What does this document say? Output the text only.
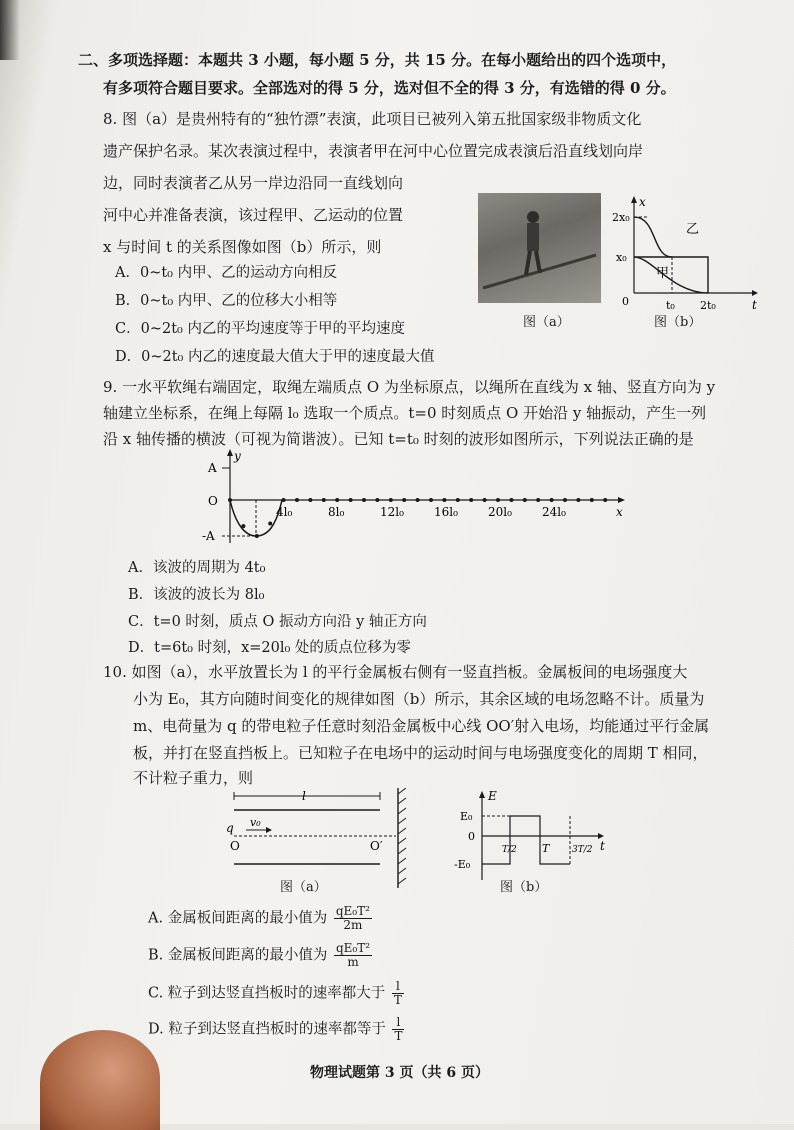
二、多项选择题：本题共 3 小题，每小题 5 分，共 15 分。在每小题给出的四个选项中，
有多项符合题目要求。全部选对的得 5 分，选对但不全的得 3 分，有选错的得 0 分。
8. 图（a）是贵州特有的“独竹漂”表演，此项目已被列入第五批国家级非物质文化
遗产保护名录。某次表演过程中，表演者甲在河中心位置完成表演后沿直线划向岸
边，同时表演者乙从另一岸边沿同一直线划向
河中心并准备表演，该过程甲、乙运动的位置
x 与时间 t 的关系图像如图（b）所示，则
A．0~t₀ 内甲、乙的运动方向相反
B．0~t₀ 内甲、乙的位移大小相等
C．0~2t₀ 内乙的平均速度等于甲的平均速度
D．0~2t₀ 内乙的速度最大值大于甲的速度最大值
图（a）
x
t
2x₀
x₀
0	t₀ 2t₀
乙
甲
图（b）
9. 一水平软绳右端固定，取绳左端质点 O 为坐标原点，以绳所在直线为 x 轴、竖直方向为 y
轴建立坐标系，在绳上每隔 l₀ 选取一个质点。t=0 时刻质点 O 开始沿 y 轴振动，产生一列
沿 x 轴传播的横波（可视为简谐波）。已知 t=t₀ 时刻的波形如图所示，下列说法正确的是
y
A
O
-A
x
4l₀	8l₀	12l₀	16l₀	20l₀	24l₀
A．该波的周期为 4t₀
B．该波的波长为 8l₀
C．t=0 时刻，质点 O 振动方向沿 y 轴正方向
D．t=6t₀ 时刻，x=20l₀ 处的质点位移为零
10. 如图（a），水平放置长为 l 的平行金属板右侧有一竖直挡板。金属板间的电场强度大
小为 E₀，其方向随时间变化的规律如图（b）所示，其余区域的电场忽略不计。质量为
m、电荷量为 q 的带电粒子任意时刻沿金属板中心线 OO′射入电场，均能通过平行金属
板，并打在竖直挡板上。已知粒子在电场中的运动时间与电场强度变化的周期 T 相同，
不计粒子重力，则
l
q v₀
O	O′
图（a）
E
t
E₀
0
-E₀
T/2 T	3T/2
图（b）
A. 金属板间距离的最小值为 $\frac{\text{qE₀T²}}{2m}$
B. 金属板间距离的最小值为 $\frac{\text{qE₀T²}}{m}$
C. 粒子到达竖直挡板时的速率都大于 $\frac{l}{T}$
D. 粒子到达竖直挡板时的速率都等于 $\frac{l}{T}$
物理试题第 3 页（共 6 页）
